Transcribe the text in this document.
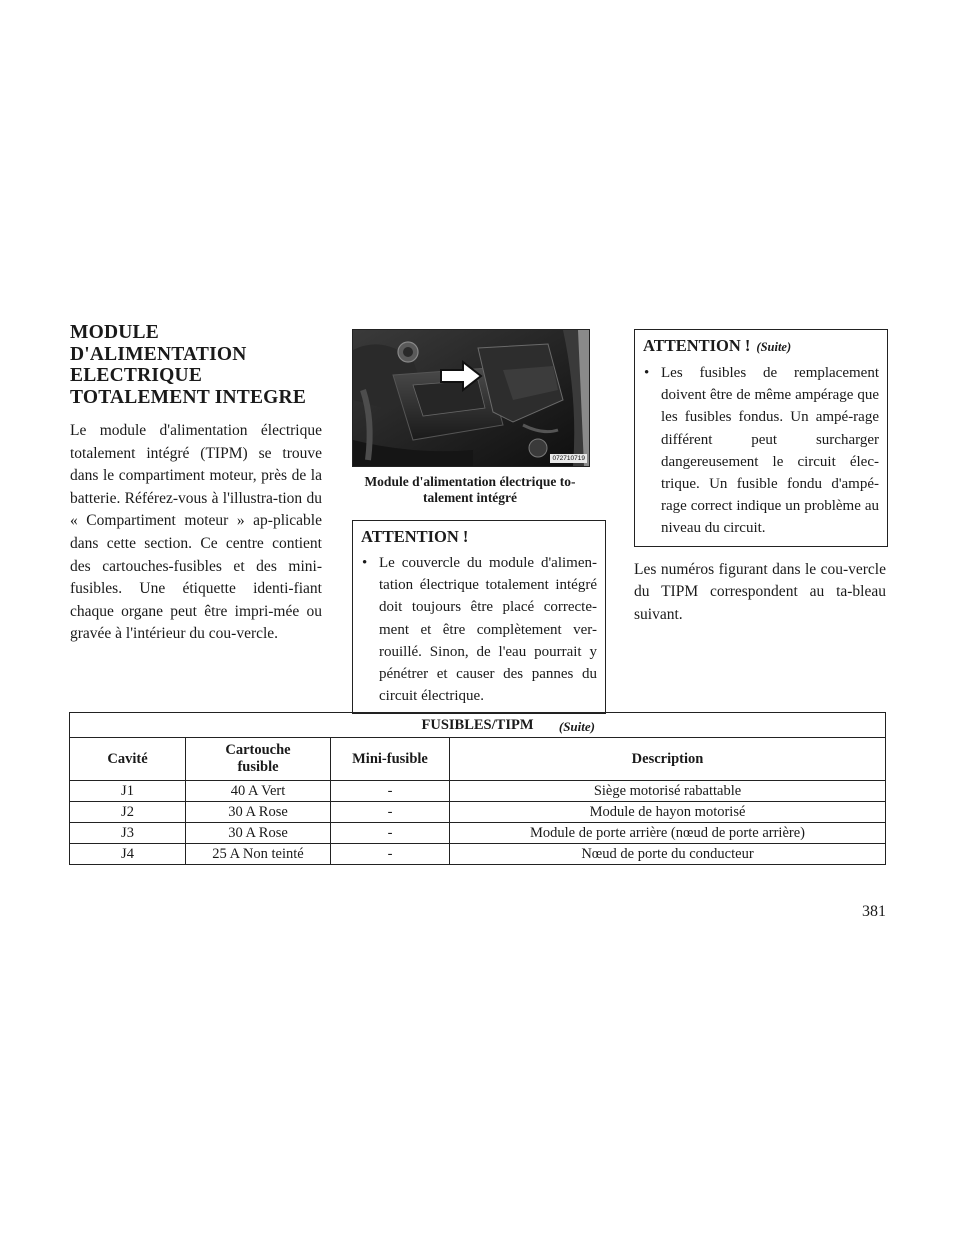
MODULE
D'ALIMENTATION
ELECTRIQUE
TOTALEMENT INTEGRE

Le module d'alimentation électrique totalement intégré (TIPM) se trouve dans le compartiment moteur, près de la batterie. Référez-vous à l'illustra-tion du « Compartiment moteur » ap-plicable dans cette section. Ce centre contient des cartouches-fusibles et des mini-fusibles. Une étiquette identi-fiant chaque organe peut être impri-mée ou gravée à l'intérieur du cou-vercle.

072710719
Module d'alimentation électrique to-talement intégré
ATTENTION !
• Le couvercle du module d'alimen-tation électrique totalement intégré doit toujours être placé correcte-ment et être complètement ver-rouillé. Sinon, de l'eau pourrait y pénétrer et causer des pannes du circuit électrique.
(Suite)
ATTENTION ! (Suite)
• Les fusibles de remplacement doivent être de même ampérage que les fusibles fondus. Un ampé-rage différent peut surcharger dangereusement le circuit élec-trique. Un fusible fondu d'ampé-rage correct indique un problème au niveau du circuit.

Les numéros figurant dans le cou-vercle du TIPM correspondent au ta-bleau suivant.

FUSIBLES/TIPM			
Cavité	Cartouche fusible	Mini-fusible	Description
J1	40 A Vert	-	Siège motorisé rabattable
J2	30 A Rose	-	Module de hayon motorisé
J3	30 A Rose	-	Module de porte arrière (nœud de porte arrière)
J4	25 A Non teinté	-	Nœud de porte du conducteur
381
